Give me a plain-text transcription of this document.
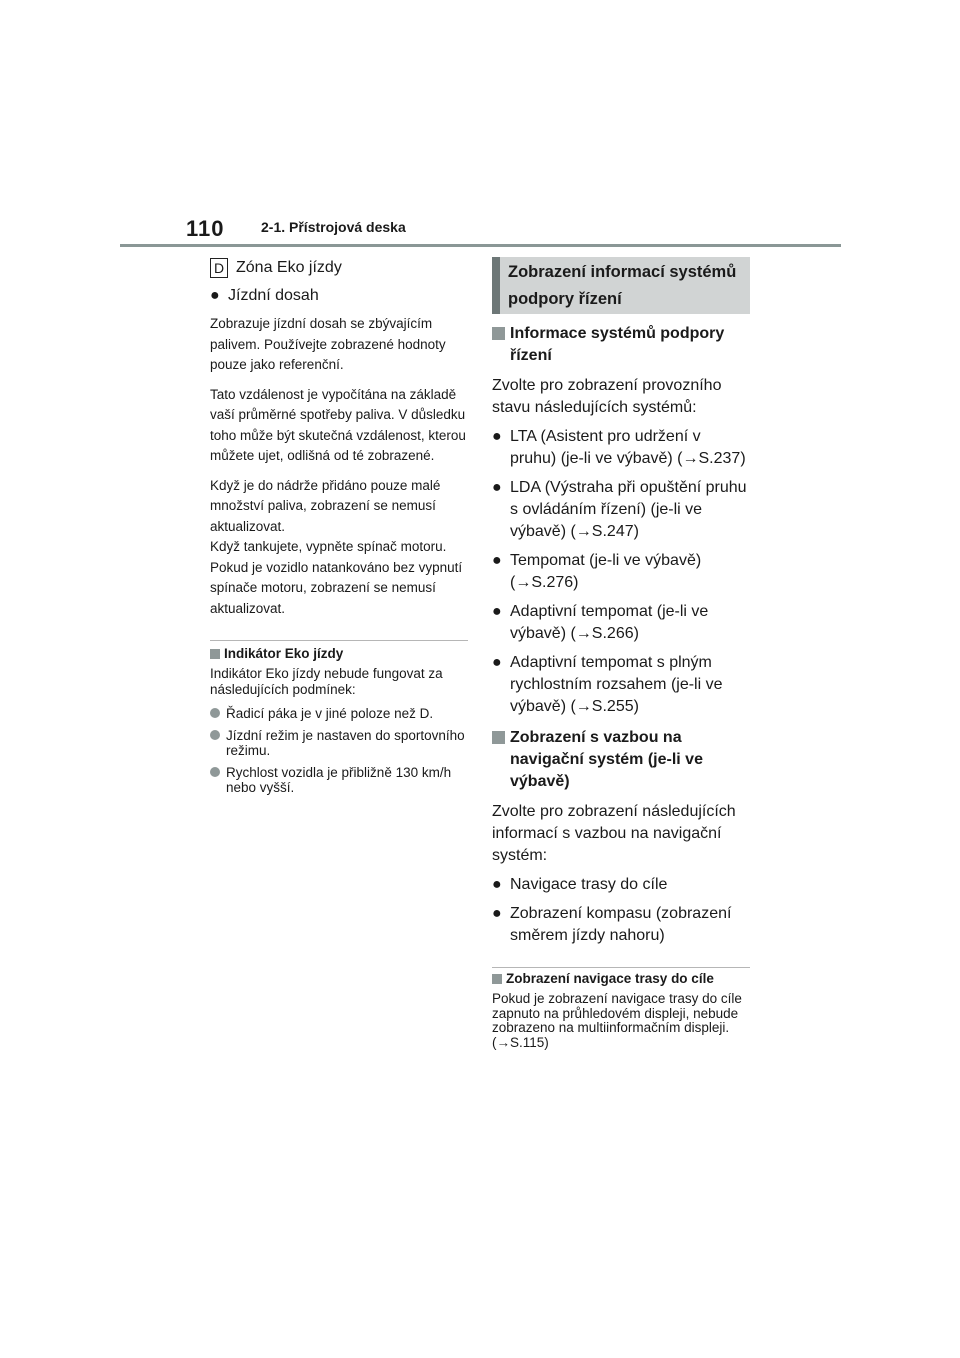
110	2-1. Přístrojová deska
D Zóna Eko jízdy
● Jízdní dosah
Zobrazuje jízdní dosah se zbývajícím palivem. Používejte zobrazené hodnoty pouze jako referenční.
Tato vzdálenost je vypočítána na základě vaší průměrné spotřeby paliva. V důsledku toho může být skutečná vzdálenost, kterou můžete ujet, odlišná od té zobrazené.
Když je do nádrže přidáno pouze malé množství paliva, zobrazení se nemusí aktualizovat.
Když tankujete, vypněte spínač motoru. Pokud je vozidlo natankováno bez vypnutí spínače motoru, zobrazení se nemusí aktualizovat.
Indikátor Eko jízdy
Indikátor Eko jízdy nebude fungovat za následujících podmínek:
Řadicí páka je v jiné poloze než D.
Jízdní režim je nastaven do sportovního režimu.
Rychlost vozidla je přibližně 130 km/h nebo vyšší.
Zobrazení informací systémů podpory řízení
Informace systémů podpory řízení
Zvolte pro zobrazení provozního stavu následujících systémů:
● LTA (Asistent pro udržení v pruhu) (je-li ve výbavě) (→S.237)
● LDA (Výstraha při opuštění pruhu s ovládáním řízení) (je-li ve výbavě) (→S.247)
● Tempomat (je-li ve výbavě) (→S.276)
● Adaptivní tempomat (je-li ve výbavě) (→S.266)
● Adaptivní tempomat s plným rychlostním rozsahem (je-li ve výbavě) (→S.255)
Zobrazení s vazbou na navigační systém (je-li ve výbavě)
Zvolte pro zobrazení následujících informací s vazbou na navigační systém:
● Navigace trasy do cíle
● Zobrazení kompasu (zobrazení směrem jízdy nahoru)
Zobrazení navigace trasy do cíle
Pokud je zobrazení navigace trasy do cíle zapnuto na průhledovém displeji, nebude zobrazeno na multiinformačním displeji. (→S.115)
